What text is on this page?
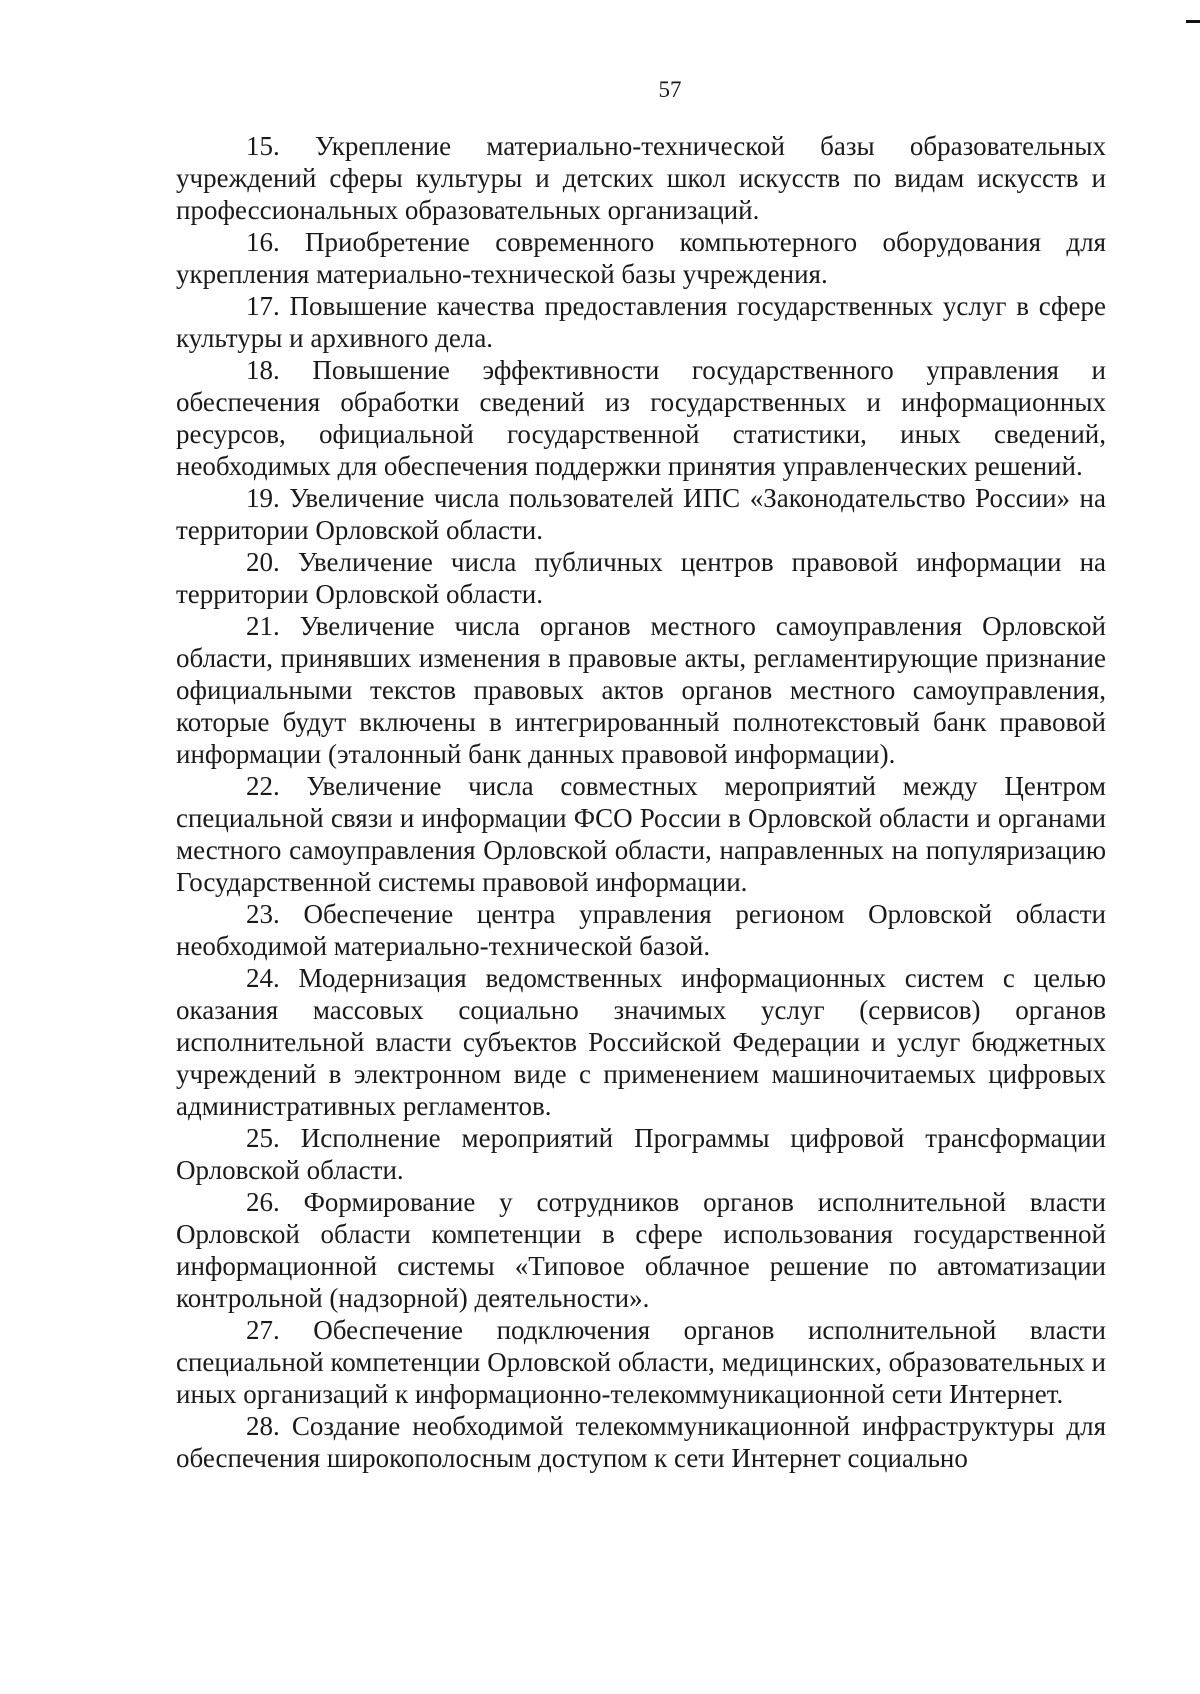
57

15. Укрепление материально-технической базы образовательных учреждений сферы культуры и детских школ искусств по видам искусств и профессиональных образовательных организаций.

16. Приобретение современного компьютерного оборудования для укрепления материально-технической базы учреждения.

17. Повышение качества предоставления государственных услуг в сфере культуры и архивного дела.

18. Повышение эффективности государственного управления и обеспечения обработки сведений из государственных и информационных ресурсов, официальной государственной статистики, иных сведений, необходимых для обеспечения поддержки принятия управленческих решений.

19. Увеличение числа пользователей ИПС «Законодательство России» на территории Орловской области.

20. Увеличение числа публичных центров правовой информации на территории Орловской области.

21. Увеличение числа органов местного самоуправления Орловской области, принявших изменения в правовые акты, регламентирующие признание официальными текстов правовых актов органов местного самоуправления, которые будут включены в интегрированный полнотекстовый банк правовой информации (эталонный банк данных правовой информации).

22. Увеличение числа совместных мероприятий между Центром специальной связи и информации ФСО России в Орловской области и органами местного самоуправления Орловской области, направленных на популяризацию Государственной системы правовой информации.

23. Обеспечение центра управления регионом Орловской области необходимой материально-технической базой.

24. Модернизация ведомственных информационных систем с целью оказания массовых социально значимых услуг (сервисов) органов исполнительной власти субъектов Российской Федерации и услуг бюджетных учреждений в электронном виде с применением машиночитаемых цифровых административных регламентов.

25. Исполнение мероприятий Программы цифровой трансформации Орловской области.

26. Формирование у сотрудников органов исполнительной власти Орловской области компетенции в сфере использования государственной информационной системы «Типовое облачное решение по автоматизации контрольной (надзорной) деятельности».

27. Обеспечение подключения органов исполнительной власти специальной компетенции Орловской области, медицинских, образовательных и иных организаций к информационно-телекоммуникационной сети Интернет.

28. Создание необходимой телекоммуникационной инфраструктуры для обеспечения широкополосным доступом к сети Интернет социально
